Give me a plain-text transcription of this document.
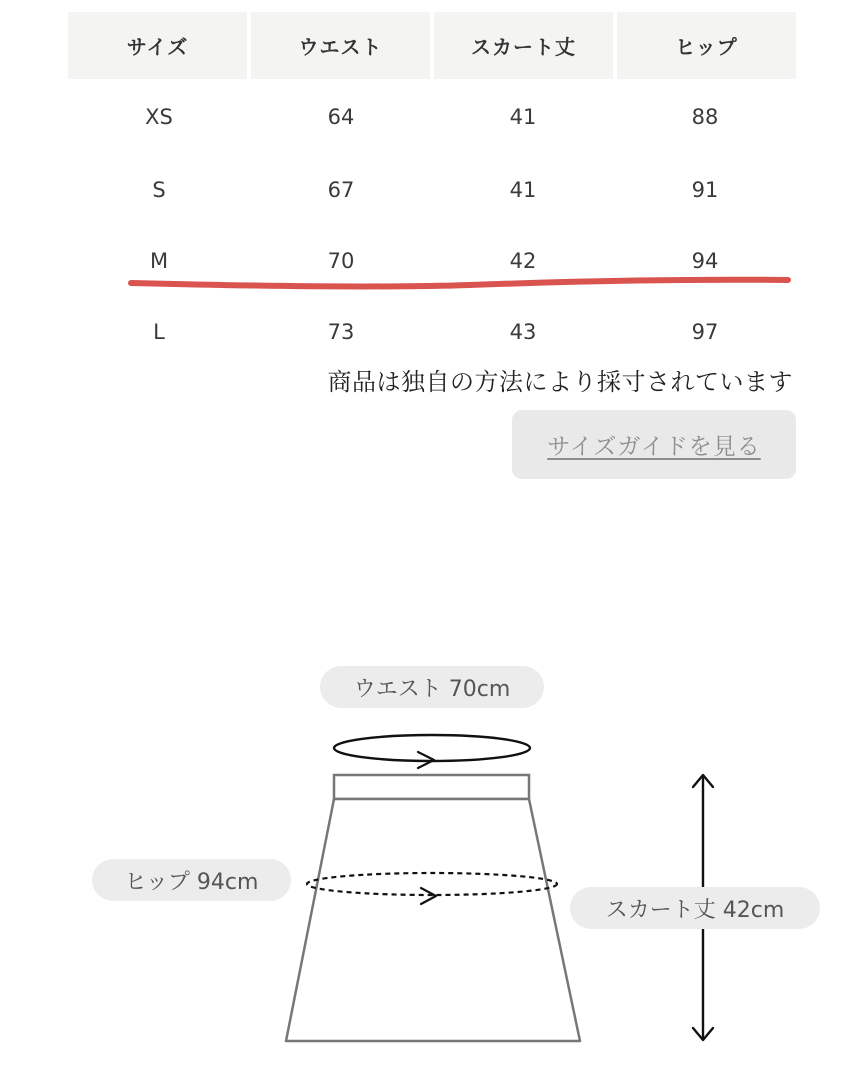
サイズ	ウエスト	スカート丈	ヒップ
XS	64	41	88
S	67	41	91
M	70	42	94
L	73	43	97
商品は独自の方法により採寸されています
サイズガイドを見る
ウエスト 70cm
ヒップ 94cm
スカート丈 42cm
